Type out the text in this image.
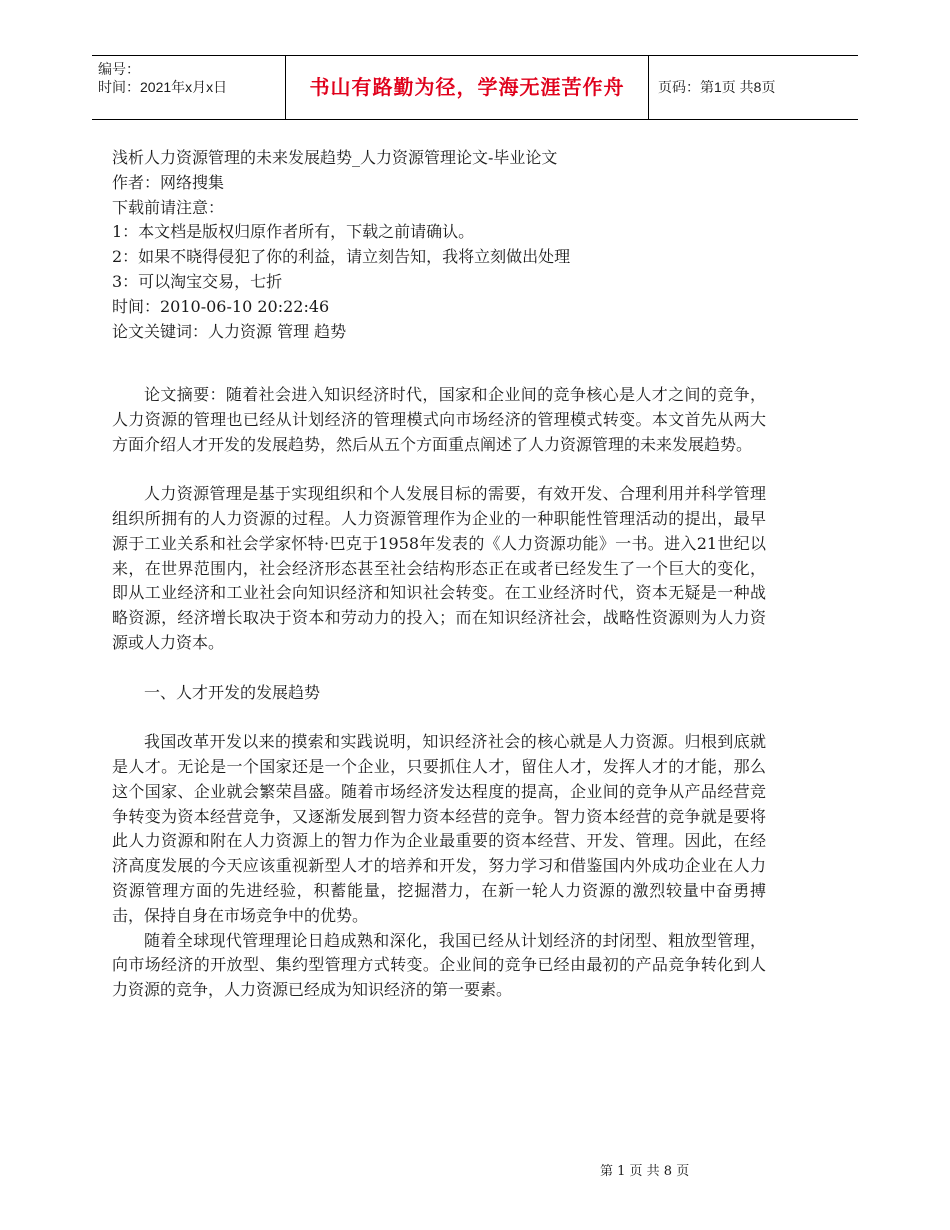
编号：
时间：2021年x月x日	书山有路勤为径，学海无涯苦作舟	页码：第1页 共8页
浅析人力资源管理的未来发展趋势_人力资源管理论文-毕业论文
作者：网络搜集
下载前请注意：
1：本文档是版权归原作者所有，下载之前请确认。
2：如果不晓得侵犯了你的利益，请立刻告知，我将立刻做出处理
3：可以淘宝交易，七折
时间：2010-06-10 20:22:46
论文关键词：人力资源 管理 趋势

论文摘要：随着社会进入知识经济时代，国家和企业间的竞争核心是人才之间的竞争，人力资源的管理也已经从计划经济的管理模式向市场经济的管理模式转变。本文首先从两大方面介绍人才开发的发展趋势，然后从五个方面重点阐述了人力资源管理的未来发展趋势。

人力资源管理是基于实现组织和个人发展目标的需要，有效开发、合理利用并科学管理组织所拥有的人力资源的过程。人力资源管理作为企业的一种职能性管理活动的提出，最早源于工业关系和社会学家怀特·巴克于1958年发表的《人力资源功能》一书。进入21世纪以来，在世界范围内，社会经济形态甚至社会结构形态正在或者已经发生了一个巨大的变化，即从工业经济和工业社会向知识经济和知识社会转变。在工业经济时代，资本无疑是一种战略资源，经济增长取决于资本和劳动力的投入；而在知识经济社会，战略性资源则为人力资源或人力资本。

一、人才开发的发展趋势

我国改革开发以来的摸索和实践说明，知识经济社会的核心就是人力资源。归根到底就是人才。无论是一个国家还是一个企业，只要抓住人才，留住人才，发挥人才的才能，那么这个国家、企业就会繁荣昌盛。随着市场经济发达程度的提高，企业间的竞争从产品经营竞争转变为资本经营竞争，又逐渐发展到智力资本经营的竞争。智力资本经营的竞争就是要将此人力资源和附在人力资源上的智力作为企业最重要的资本经营、开发、管理。因此，在经济高度发展的今天应该重视新型人才的培养和开发，努力学习和借鉴国内外成功企业在人力资源管理方面的先进经验，积蓄能量，挖掘潜力，在新一轮人力资源的激烈较量中奋勇搏击，保持自身在市场竞争中的优势。

随着全球现代管理理论日趋成熟和深化，我国已经从计划经济的封闭型、粗放型管理，向市场经济的开放型、集约型管理方式转变。企业间的竞争已经由最初的产品竞争转化到人力资源的竞争，人力资源已经成为知识经济的第一要素。

第 1 页 共 8 页
